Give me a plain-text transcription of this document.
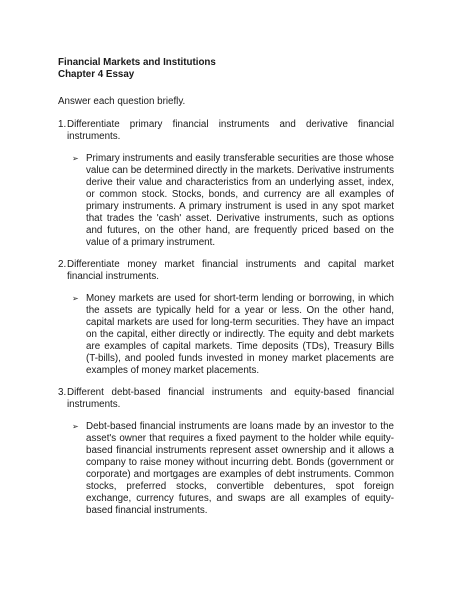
Financial Markets and Institutions
Chapter 4 Essay
Answer each question briefly.
1. Differentiate primary financial instruments and derivative financial instruments.
➢ Primary instruments and easily transferable securities are those whose value can be determined directly in the markets. Derivative instruments derive their value and characteristics from an underlying asset, index, or common stock. Stocks, bonds, and currency are all examples of primary instruments. A primary instrument is used in any spot market that trades the 'cash' asset. Derivative instruments, such as options and futures, on the other hand, are frequently priced based on the value of a primary instrument.
2. Differentiate money market financial instruments and capital market financial instruments.
➢ Money markets are used for short-term lending or borrowing, in which the assets are typically held for a year or less. On the other hand, capital markets are used for long-term securities. They have an impact on the capital, either directly or indirectly. The equity and debt markets are examples of capital markets. Time deposits (TDs), Treasury Bills (T-bills), and pooled funds invested in money market placements are examples of money market placements.
3. Different debt-based financial instruments and equity-based financial instruments.
➢ Debt-based financial instruments are loans made by an investor to the asset's owner that requires a fixed payment to the holder while equity-based financial instruments represent asset ownership and it allows a company to raise money without incurring debt. Bonds (government or corporate) and mortgages are examples of debt instruments. Common stocks, preferred stocks, convertible debentures, spot foreign exchange, currency futures, and swaps are all examples of equity-based financial instruments.
